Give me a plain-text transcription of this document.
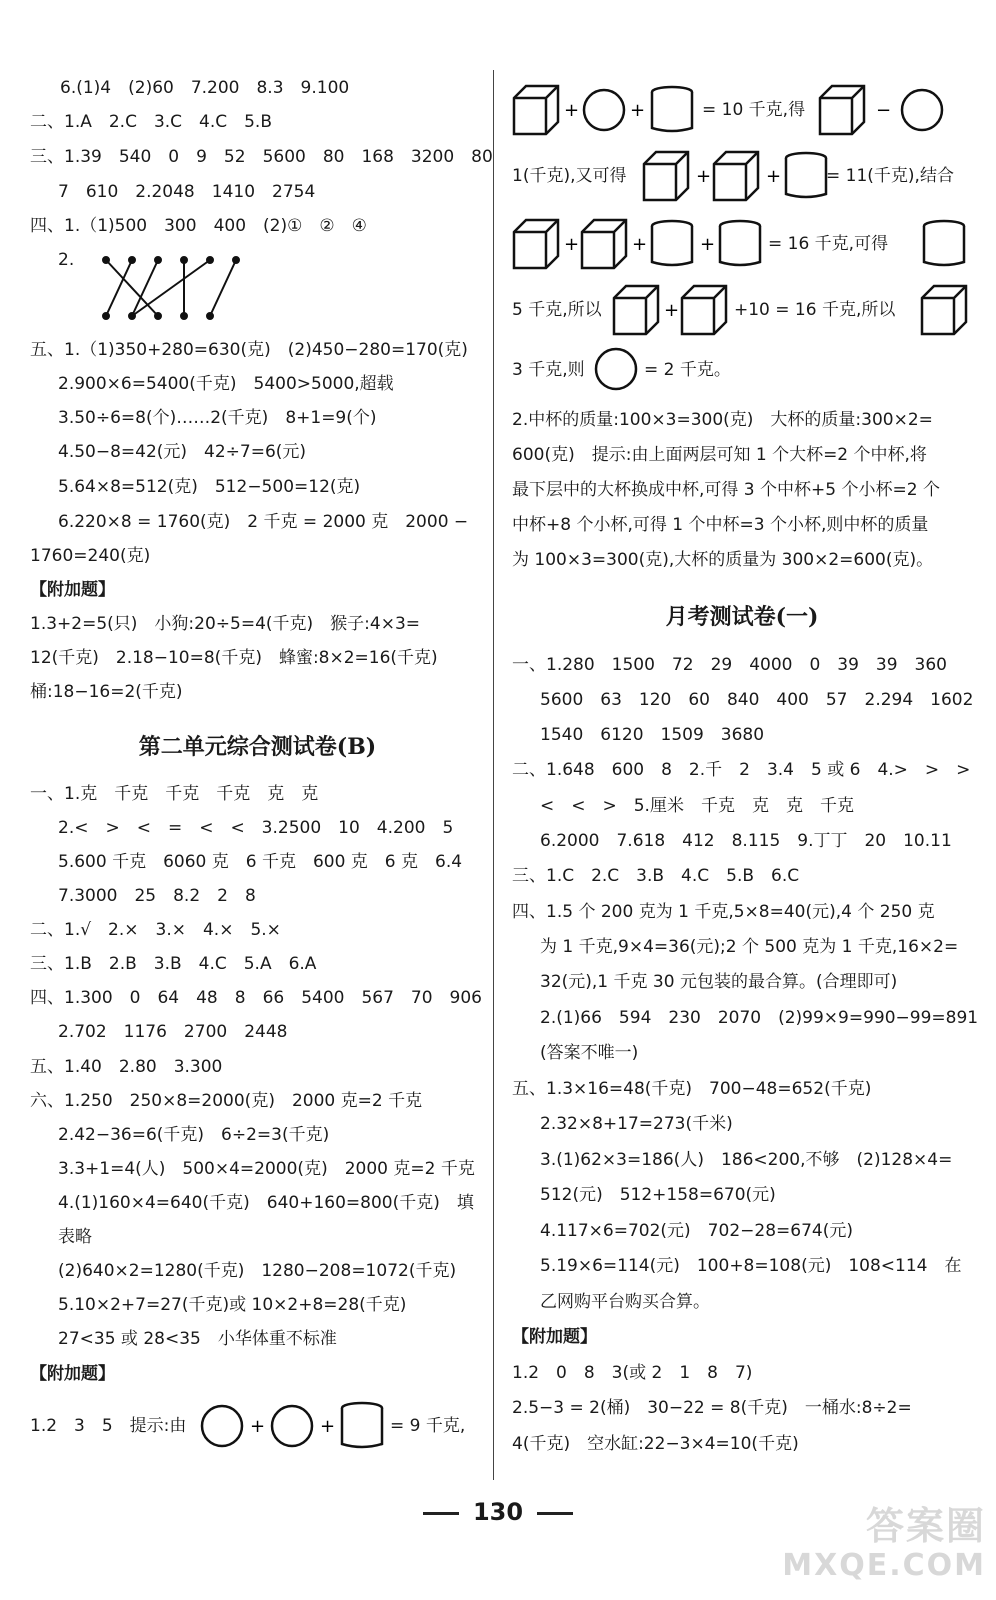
6.(1)4　(2)60　7.200　8.3　9.100
二、1.A　2.C　3.C　4.C　5.B
三、1.39　540　0　9　52　5600　80　168　3200　80
7　610　2.2048　1410　2754
四、1.（1)500　300　400　(2)①　②　④
2.
五、1.（1)350+280=630(克)　(2)450−280=170(克)
2.900×6=5400(千克)　5400>5000,超载
3.50÷6=8(个)……2(千克)　8+1=9(个)
4.50−8=42(元)　42÷7=6(元)
5.64×8=512(克)　512−500=12(克)
6.220×8 = 1760(克)　2 千克 = 2000 克　2000 −
1760=240(克)
【附加题】
1.3+2=5(只)　小狗:20÷5=4(千克)　猴子:4×3=
12(千克)　2.18−10=8(千克)　蜂蜜:8×2=16(千克)
桶:18−16=2(千克)
第二单元综合测试卷(B)
一、1.克　千克　千克　千克　克　克
2.<　>　<　=　<　<　3.2500　10　4.200　5
5.600 千克　6060 克　6 千克　600 克　6 克　6.4
7.3000　25　8.2　2　8
二、1.√　2.×　3.×　4.×　5.×
三、1.B　2.B　3.B　4.C　5.A　6.A
四、1.300　0　64　48　8　66　5400　567　70　906
2.702　1176　2700　2448
五、1.40　2.80　3.300
六、1.250　250×8=2000(克)　2000 克=2 千克
2.42−36=6(千克)　6÷2=3(千克)
3.3+1=4(人)　500×4=2000(克)　2000 克=2 千克
4.(1)160×4=640(千克)　640+160=800(千克)　填
表略
(2)640×2=1280(千克)　1280−208=1072(千克)
5.10×2+7=27(千克)或 10×2+8=28(千克)
27<35 或 28<35　小华体重不标准
【附加题】
1.2　3　5　提示:由	+	+	= 9 千克,
+	+	= 10 千克,得	−
1(千克),又可得	+	+	= 11(千克),结合
+	+	+	= 16 千克,可得
5 千克,所以	+	+10 = 16 千克,所以
3 千克,则	= 2 千克。
2.中杯的质量:100×3=300(克)　大杯的质量:300×2=
600(克)　提示:由上面两层可知 1 个大杯=2 个中杯,将
最下层中的大杯换成中杯,可得 3 个中杯+5 个小杯=2 个
中杯+8 个小杯,可得 1 个中杯=3 个小杯,则中杯的质量
为 100×3=300(克),大杯的质量为 300×2=600(克)。
月考测试卷(一)
一、1.280　1500　72　29　4000　0　39　39　360
5600　63　120　60　840　400　57　2.294　1602
1540　6120　1509　3680
二、1.648　600　8　2.千　2　3.4　5 或 6　4.>　>　>
<　<　>　5.厘米　千克　克　克　千克
6.2000　7.618　412　8.115　9.丁丁　20　10.11
三、1.C　2.C　3.B　4.C　5.B　6.C
四、1.5 个 200 克为 1 千克,5×8=40(元),4 个 250 克
为 1 千克,9×4=36(元);2 个 500 克为 1 千克,16×2=
32(元),1 千克 30 元包装的最合算。(合理即可)
2.(1)66　594　230　2070　(2)99×9=990−99=891
(答案不唯一)
五、1.3×16=48(千克)　700−48=652(千克)
2.32×8+17=273(千米)
3.(1)62×3=186(人)　186<200,不够　(2)128×4=
512(元)　512+158=670(元)
4.117×6=702(元)　702−28=674(元)
5.19×6=114(元)　100+8=108(元)　108<114　在
乙网购平台购买合算。
【附加题】
1.2　0　8　3(或 2　1　8　7)
2.5−3 = 2(桶)　30−22 = 8(千克)　一桶水:8÷2=
4(千克)　空水缸:22−3×4=10(千克)
130	答案圈
MXQE.COM
